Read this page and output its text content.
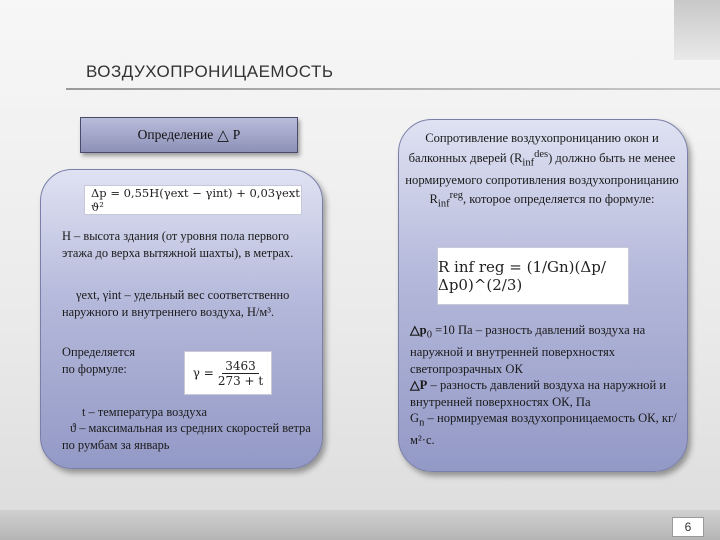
ВОЗДУХОПРОНИЦАЕМОСТЬ
Определение △ P
Δp = 0,55H(γext − γint) + 0,03γext ϑ²

H – высота здания (от уровня пола первого этажа до верха вытяжной шахты), в метрах.

γext, γint – удельный вес соответственно наружного и внутреннего воздуха, Н/м³.

Определяется
по формуле:	$\gamma = \frac{3463}{273 + t}$

t – температура воздуха

ϑ – максимальная из средних скоростей ветра по румбам за январь

Сопротивление воздухопроницанию окон и балконных дверей $(R_{inf}^{des})$ должно быть не менее нормируемого сопротивления воздухопроницанию $R_{inf}^{reg}$, которое определяется по формуле:

R inf reg = (1/Gn)(Δp/Δp0)^(2/3)
$\triangle p_0 =10$ Па – разность давлений воздуха на наружной и внутренней поверхностях светопрозрачных ОК
△P – разность давлений воздуха на наружной и внутренней поверхностях ОК, Па
$G_n$ – нормируемая воздухопроницаемость ОК, кг/м²·с.
6
